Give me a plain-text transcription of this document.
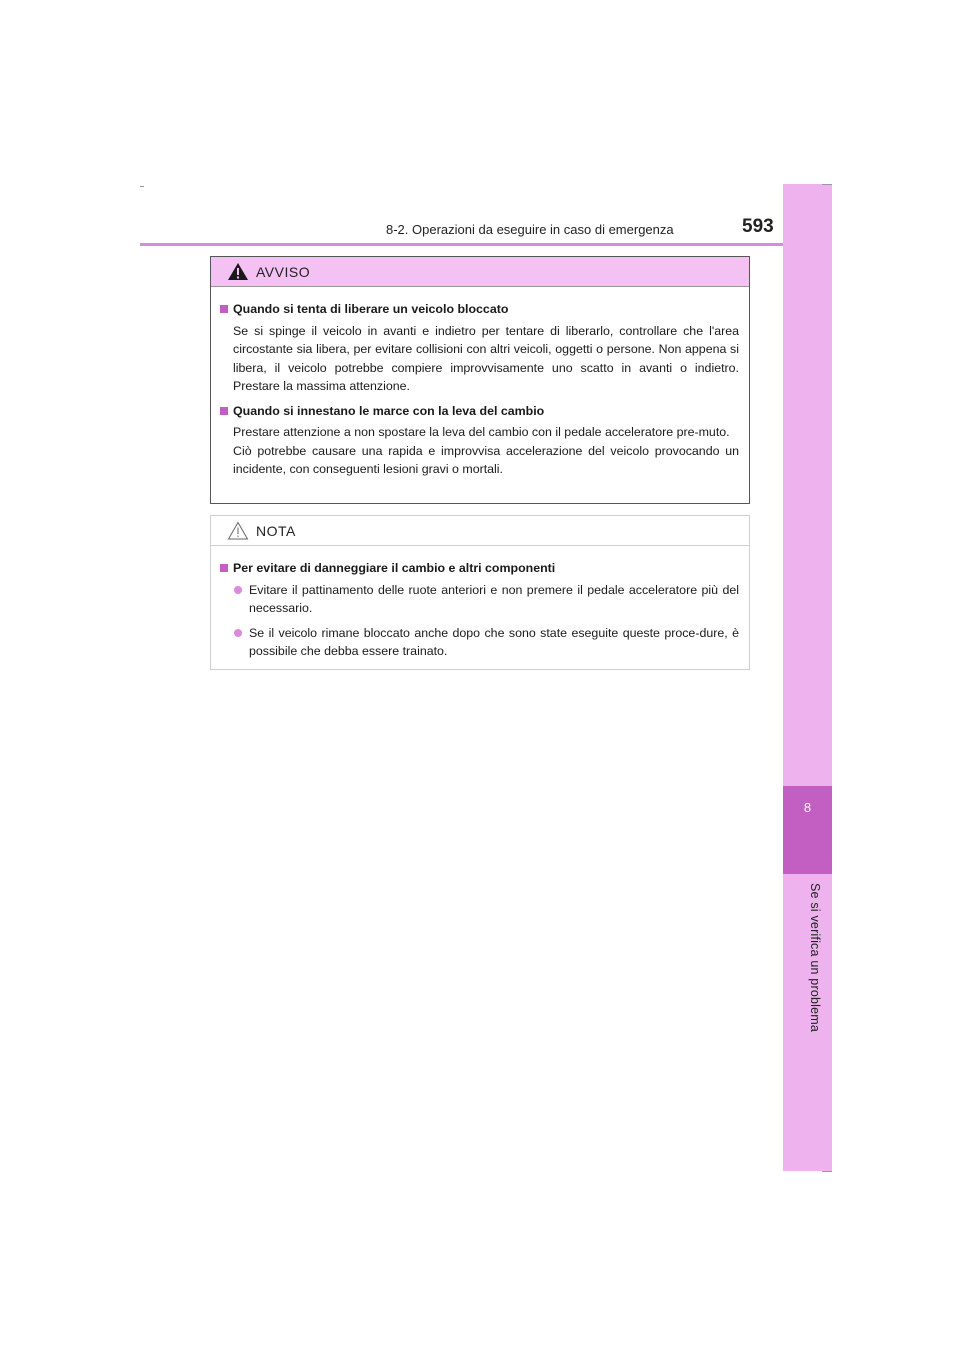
8-2. Operazioni da eseguire in caso di emergenza	593
8
Se si verifica un problema
AVVISO
Quando si tenta di liberare un veicolo bloccato
Se si spinge il veicolo in avanti e indietro per tentare di liberarlo, controllare che l'area circostante sia libera, per evitare collisioni con altri veicoli, oggetti o persone. Non appena si libera, il veicolo potrebbe compiere improvvisamente uno scatto in avanti o indietro. Prestare la massima attenzione.
Quando si innestano le marce con la leva del cambio
Prestare attenzione a non spostare la leva del cambio con il pedale acceleratore pre-muto.
Ciò potrebbe causare una rapida e improvvisa accelerazione del veicolo provocando un incidente, con conseguenti lesioni gravi o mortali.
NOTA
Per evitare di danneggiare il cambio e altri componenti
Evitare il pattinamento delle ruote anteriori e non premere il pedale acceleratore più del necessario.
Se il veicolo rimane bloccato anche dopo che sono state eseguite queste proce-dure, è possibile che debba essere trainato.
